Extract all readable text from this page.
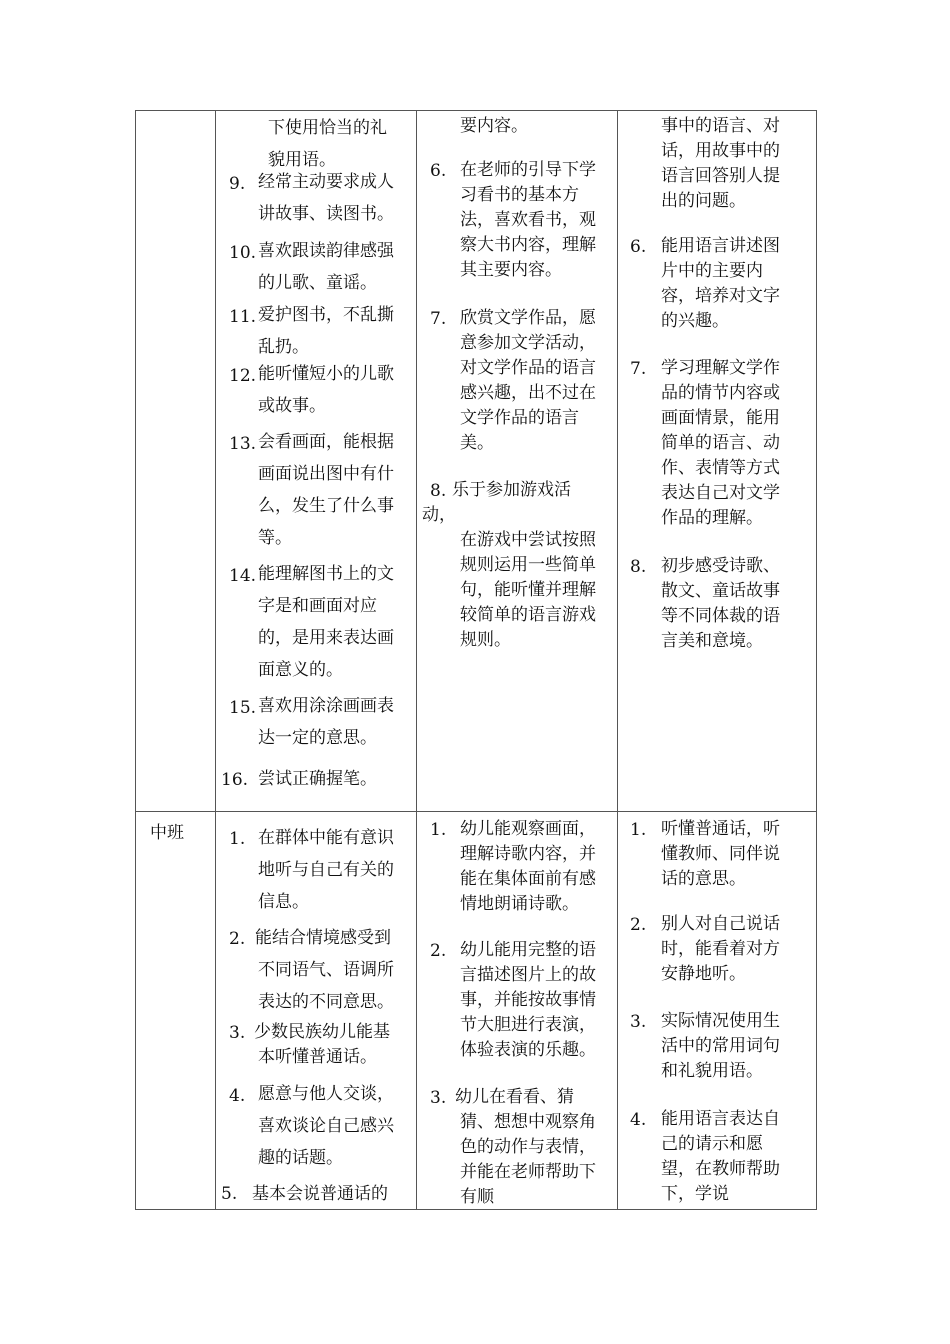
下使用恰当的礼
貌用语。
9. 经常主动要求成人
讲故事、读图书。
10. 喜欢跟读韵律感强
的儿歌、童谣。
11. 爱护图书，不乱撕
乱扔。
12. 能听懂短小的儿歌
或故事。
13. 会看画面，能根据
画面说出图中有什
么，发生了什么事
等。
14. 能理解图书上的文
字是和画面对应
的，是用来表达画
面意义的。
15. 喜欢用涂涂画画表
达一定的意思。
16. 尝试正确握笔。
要内容。
6. 在老师的引导下学
习看书的基本方
法，喜欢看书，观
察大书内容，理解
其主要内容。
7. 欣赏文学作品，愿
意参加文学活动，
对文学作品的语言
感兴趣，出不过在
文学作品的语言
美。
8. 乐于参加游戏活
动，
在游戏中尝试按照
规则运用一些简单
句，能听懂并理解
较简单的语言游戏
规则。
事中的语言、对
话，用故事中的
语言回答别人提
出的问题。
6. 能用语言讲述图
片中的主要内
容，培养对文字
的兴趣。
7. 学习理解文学作
品的情节内容或
画面情景，能用
简单的语言、动
作、表情等方式
表达自己对文学
作品的理解。
8. 初步感受诗歌、
散文、童话故事
等不同体裁的语
言美和意境。
中班	1. 在群体中能有意识
地听与自己有关的
信息。
2. 能结合情境感受到
不同语气、语调所
表达的不同意思。
3. 少数民族幼儿能基
本听懂普通话。
4. 愿意与他人交谈，
喜欢谈论自己感兴
趣的话题。
5. 基本会说普通话的
1. 幼儿能观察画面，
理解诗歌内容，并
能在集体面前有感
情地朗诵诗歌。
2. 幼儿能用完整的语
言描述图片上的故
事，并能按故事情
节大胆进行表演，
体验表演的乐趣。
3. 幼儿在看看、猜
猜、想想中观察角
色的动作与表情，
并能在老师帮助下
有顺
1. 听懂普通话，听
懂教师、同伴说
话的意思。
2. 别人对自己说话
时，能看着对方
安静地听。
3. 实际情况使用生
活中的常用词句
和礼貌用语。
4. 能用语言表达自
己的请示和愿
望，在教师帮助
下，学说
